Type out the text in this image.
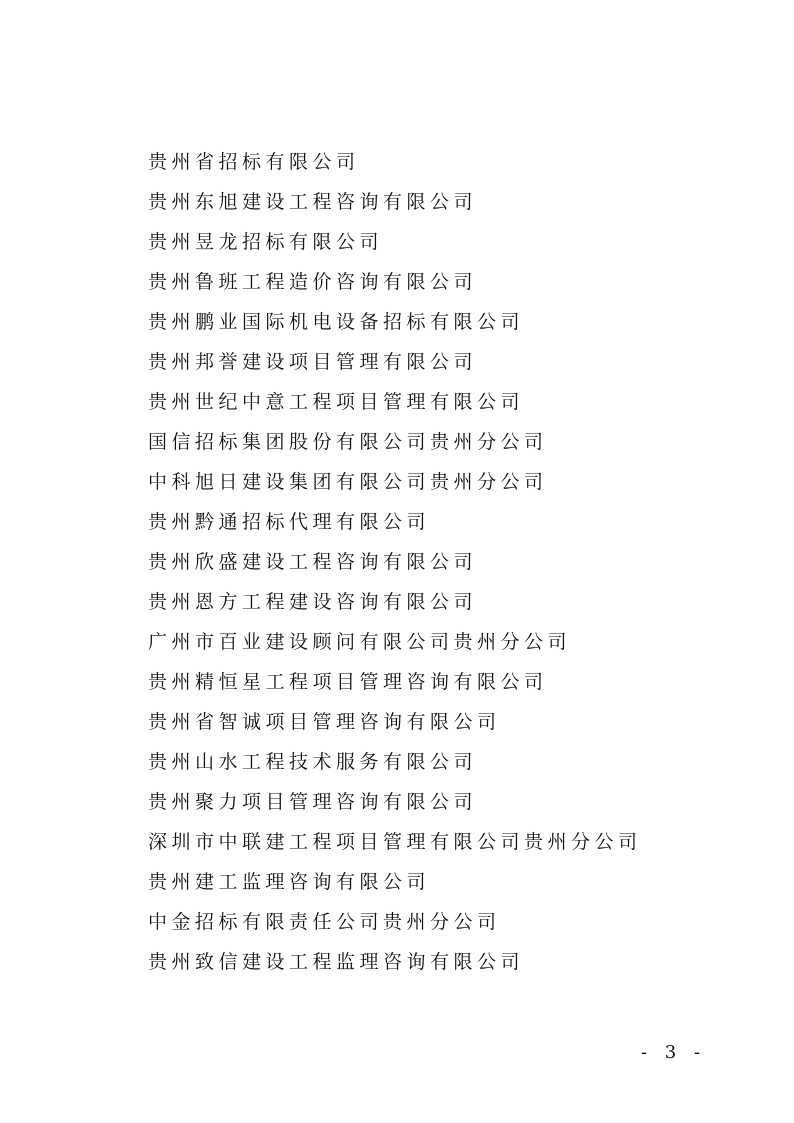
贵州省招标有限公司
贵州东旭建设工程咨询有限公司
贵州昱龙招标有限公司
贵州鲁班工程造价咨询有限公司
贵州鹏业国际机电设备招标有限公司
贵州邦誉建设项目管理有限公司
贵州世纪中意工程项目管理有限公司
国信招标集团股份有限公司贵州分公司
中科旭日建设集团有限公司贵州分公司
贵州黔通招标代理有限公司
贵州欣盛建设工程咨询有限公司
贵州恩方工程建设咨询有限公司
广州市百业建设顾问有限公司贵州分公司
贵州精恒星工程项目管理咨询有限公司
贵州省智诚项目管理咨询有限公司
贵州山水工程技术服务有限公司
贵州聚力项目管理咨询有限公司
深圳市中联建工程项目管理有限公司贵州分公司
贵州建工监理咨询有限公司
中金招标有限责任公司贵州分公司
贵州致信建设工程监理咨询有限公司
- 3 -
